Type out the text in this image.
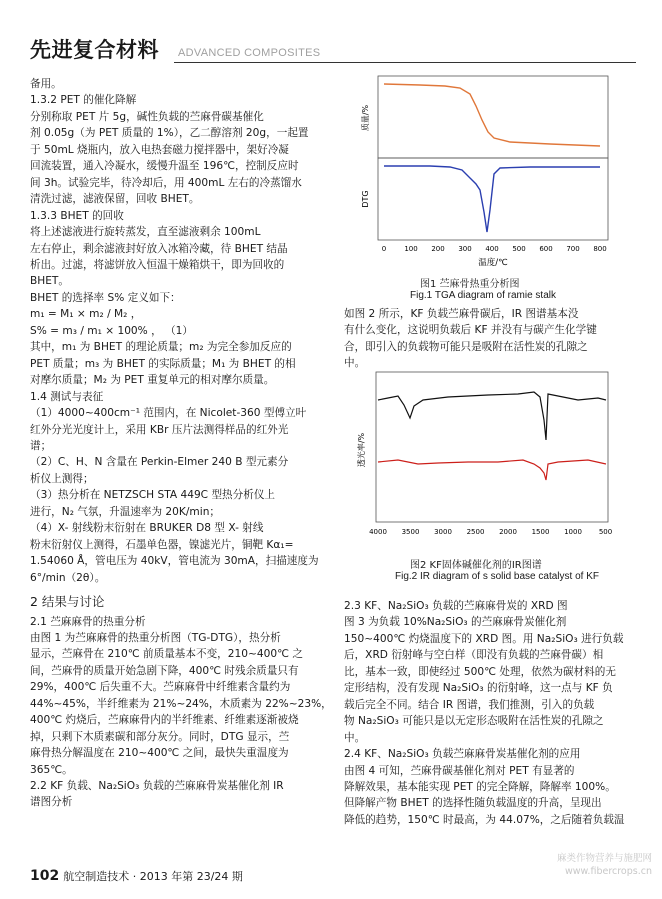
先进复合材料 ADVANCED COMPOSITES

备用。

1.3.2 PET 的催化降解

分别称取 PET 片 5g，碱性负载的苎麻骨碳基催化

剂 0.05g（为 PET 质量的 1%），乙二醇溶剂 20g，一起置

于 50mL 烧瓶内，放入电热套磁力搅拌器中，架好冷凝

回流装置，通入冷凝水，缓慢升温至 196℃，控制反应时

间 3h。试验完毕，待冷却后，用 400mL 左右的冷蒸馏水

清洗过滤，滤液保留，回收 BHET。

1.3.3 BHET 的回收

将上述滤液进行旋转蒸发，直至滤液剩余 100mL

左右停止，剩余滤液封好放入冰箱冷藏，待 BHET 结晶

析出。过滤，将滤饼放入恒温干燥箱烘干，即为回收的

BHET。

BHET 的选择率 S% 定义如下：

m₁ = M₁ × m₂ / M₂ ，

S% = m₃ / m₁ × 100% ， （1）

其中，m₁ 为 BHET 的理论质量；m₂ 为完全参加反应的

PET 质量；m₃ 为 BHET 的实际质量；M₁ 为 BHET 的相

对摩尔质量；M₂ 为 PET 重复单元的相对摩尔质量。

1.4 测试与表征

（1）4000~400cm⁻¹ 范围内，在 Nicolet-360 型傅立叶

红外分光光度计上，采用 KBr 压片法测得样品的红外光

谱；

（2）C、H、N 含量在 Perkin-Elmer 240 B 型元素分

析仪上测得；

（3）热分析在 NETZSCH STA 449C 型热分析仪上

进行，N₂ 气氛，升温速率为 20K/min；

（4）X- 射线粉末衍射在 BRUKER D8 型 X- 射线

粉末衍射仪上测得，石墨单色器，镍滤光片，铜靶 Kα₁=

1.54060 Å，管电压为 40kV，管电流为 30mA，扫描速度为

6°/min（2θ）。

2 结果与讨论

2.1 苎麻麻骨的热重分析

由图 1 为苎麻麻骨的热重分析图（TG-DTG），热分析

显示，苎麻骨在 210℃ 前质量基本不变，210~400℃ 之

间，苎麻骨的质量开始急剧下降，400℃ 时残余质量只有

29%，400℃ 后失重不大。苎麻麻骨中纤维素含量约为

44%~45%，半纤维素为 21%~24%，木质素为 22%~23%，

400℃ 灼烧后，苎麻麻骨内的半纤维素、纤维素逐渐被烧

掉，只剩下木质素碳和部分灰分。同时，DTG 显示，苎

麻骨热分解温度在 210~400℃ 之间，最快失重温度为

365℃。

2.2 KF 负载、Na₂SiO₃ 负载的苎麻麻骨炭基催化剂 IR

谱图分析

质量/%
DTG
0	100 200 300 400 500 600 700 800
温度/℃
图1 苎麻骨热重分析图
Fig.1 TGA diagram of ramie stalk

如图 2 所示，KF 负载苎麻骨碳后，IR 图谱基本没

有什么变化，这说明负载后 KF 并没有与碳产生化学键

合，即引入的负载物可能只是吸附在活性炭的孔隙之

中。

透光率/%
4000 3500 3000 2500 2000 1500 1000 500
图2 KF固体碱催化剂的IR图谱
Fig.2 IR diagram of s solid base catalyst of KF

2.3 KF、Na₂SiO₃ 负载的苎麻麻骨炭的 XRD 图

图 3 为负载 10%Na₂SiO₃ 的苎麻麻骨炭催化剂

150~400℃ 灼烧温度下的 XRD 图。用 Na₂SiO₃ 进行负载

后，XRD 衍射峰与空白样（即没有负载的苎麻骨碳）相

比，基本一致，即使经过 500℃ 处理，依然为碳材料的无

定形结构，没有发现 Na₂SiO₃ 的衍射峰，这一点与 KF 负

载后完全不同。结合 IR 图谱，我们推测，引入的负载

物 Na₂SiO₃ 可能只是以无定形态吸附在活性炭的孔隙之

中。

2.4 KF、Na₂SiO₃ 负载苎麻麻骨炭基催化剂的应用

由图 4 可知，苎麻骨碳基催化剂对 PET 有显著的

降解效果，基本能实现 PET 的完全降解，降解率 100%。

但降解产物 BHET 的选择性随负载温度的升高，呈现出

降低的趋势，150℃ 时最高，为 44.07%，之后随着负载温

102 航空制造技术 · 2013 年第 23/24 期
麻类作物营养与施肥网
www.fibercrops.cn
